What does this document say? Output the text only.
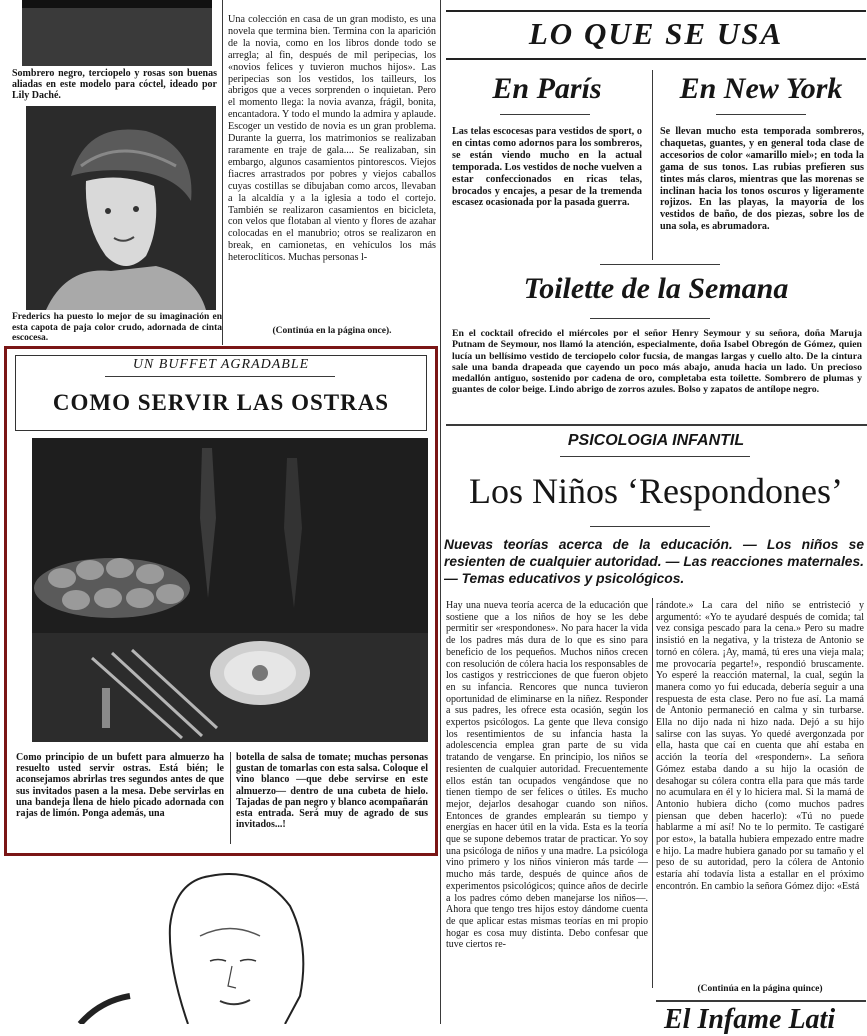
Sombrero negro, terciopelo y rosas son buenas aliadas en este modelo para cóctel, ideado por Lily Daché.
Frederics ha puesto lo mejor de su imaginación en esta capota de paja color crudo, adornada de cinta escocesa.
Una colección en casa de un gran modisto, es una novela que termina bien. Termina con la aparición de la novia, como en los libros donde todo se arregla; al fin, después de mil peripecias, los «novios felices y tuvieron muchos hijos». Las peripecias son los vestidos, los tailleurs, los abrigos que a veces sorprenden o inquietan. Pero el momento llega: la novia avanza, frágil, bonita, encantadora. Y todo el mundo la admira y aplaude. Escoger un vestido de novia es un gran problema. Durante la guerra, los matrimonios se realizaban raramente en traje de gala.... Se realizaban, sin embargo, algunos casamientos pintorescos. Viejos fiacres arrastrados por pobres y viejos caballos cuyas costillas se dibujaban como arcos, llevaban a la alcaldía y a la iglesia a todo el cortejo. También se realizaron casamientos en bicicleta, con velos que flotaban al viento y flores de azahar colocadas en el manubrio; otros se realizaron en break, en camionetas, en vehículos los más heteroclíticos. Muchas personas l-
(Continúa en la página once).
LO QUE SE USA
En París
Las telas escocesas para vestidos de sport, o en cintas como adornos para los sombreros, se están viendo mucho en la actual temporada. Los vestidos de noche vuelven a estar confeccionados en ricas telas, brocados y encajes, a pesar de la tremenda escasez ocasionada por la pasada guerra.
En New York
Se llevan mucho esta temporada sombreros, chaquetas, guantes, y en general toda clase de accesorios de color «amarillo miel»; en toda la gama de sus tonos. Las rubias prefieren sus tintes más claros, mientras que las morenas se inclinan hacia los tonos oscuros y ligeramente rojizos. En las playas, la mayoría de los vestidos de baño, de dos piezas, sobre los de una sola, es abrumadora.
Toilette de la Semana
En el cocktail ofrecido el miércoles por el señor Henry Seymour y su señora, doña Maruja Putnam de Seymour, nos llamó la atención, especialmente, doña Isabel Obregón de Gómez, quien lucía un bellísimo vestido de terciopelo color fucsia, de mangas largas y cuello alto. De la cintura sale una banda drapeada que cayendo un poco más abajo, anuda hacia un lado. Un precioso medallón antiguo, sostenido por cadena de oro, completaba esta toilette. Sombrero de plumas y guantes de color beige. Lindo abrigo de zorros azules. Bolso y zapatos de antílope negro.
UN BUFFET AGRADABLE
COMO SERVIR LAS OSTRAS
Como principio de un bufett para almuerzo ha resuelto usted servir ostras. Está bién; le aconsejamos abrirlas tres segundos antes de que sus invitados pasen a la mesa. Debe servirlas en una bandeja llena de hielo picado adornada con rajas de limón. Ponga además, una
botella de salsa de tomate; muchas personas gustan de tomarlas con esta salsa. Coloque el vino blanco —que debe servirse en este almuerzo— dentro de una cubeta de hielo. Tajadas de pan negro y blanco acompañarán esta entrada. Será muy de agrado de sus invitados...!
PSICOLOGIA INFANTIL
Los Niños ‘Respondones’
Nuevas teorías acerca de la educación. — Los niños se resienten de cualquier autoridad. — Las reacciones maternales. — Temas educativos y psicológicos.
Hay una nueva teoría acerca de la educación que sostiene que a los niños de hoy se les debe permitir ser «respondones». No para hacer la vida de los padres más dura de lo que es sino para beneficio de los pequeños. Muchos niños crecen con resolución de cólera hacia los responsables de los castigos y restricciones de que fueron objeto en su infancia. Rencores que nunca tuvieron oportunidad de eliminarse en la niñez. Responder a sus padres, les ofrece esta ocasión, según los expertos psicólogos. La gente que lleva consigo los resentimientos de su infancia hasta la adolescencia emplea gran parte de su vida tratando de vengarse. En principio, los niños se resienten de cualquier autoridad. Frecuentemente ellos están tan ocupados vengándose que no tienen tiempo de ser felices o útiles. Es mucho mejor, dejarlos desahogar cuando son niños. Entonces de grandes emplearán su tiempo y energías en hacer útil en la vida. Esta es la teoría que se supone debemos tratar de practicar. Yo soy una psicóloga de niños y una madre. La psicóloga vino primero y los niños vinieron más tarde —mucho más tarde, después de quince años de experimentos psicológicos; quince años de decirle a los padres cómo deben manejarse los niños—. Ahora que tengo tres hijos estoy dándome cuenta de que aplicar estas mismas teorías en mi propio hogar es cosa muy distinta. Debo confesar que tuve ciertos re-
rándote.» La cara del niño se entristeció y argumentó: «Yo te ayudaré después de comida; tal vez consiga pescado para la cena.» Pero su madre insistió en la negativa, y la tristeza de Antonio se tornó en cólera. ¡Ay, mamá, tú eres una vieja mala; me provocaría pegarte!», respondió bruscamente. Yo esperé la reacción maternal, la cual, según la manera como yo fui educada, debería seguir a una respuesta de esta clase. Pero no fue así. La mamá de Antonio permaneció en calma y sin turbarse. Ella no dijo nada ni hizo nada. Dejó a su hijo salirse con las suyas. Yo quedé avergonzada por ella, hasta que caí en cuenta que ahí estaba en acción la teoría del «respondern». La señora Gómez estaba dando a su hijo la ocasión de desahogar su cólera contra ella para que más tarde no acumulara en él y lo hiciera mal. Si la mamá de Antonio hubiera dicho (como muchos padres piensan que deben hacerlo): «Tú no puede hablarme a mí así! No te lo permito. Te castigaré por esto», la batalla hubiera empezado entre madre e hijo. La madre hubiera ganado por su tamaño y el peso de su autoridad, pero la cólera de Antonio estaría ahí todavía lista a estallar en el próximo encontrón. En cambio la señora Gómez dijo: «Está
(Continúa en la página quince)
El Infame Lati
